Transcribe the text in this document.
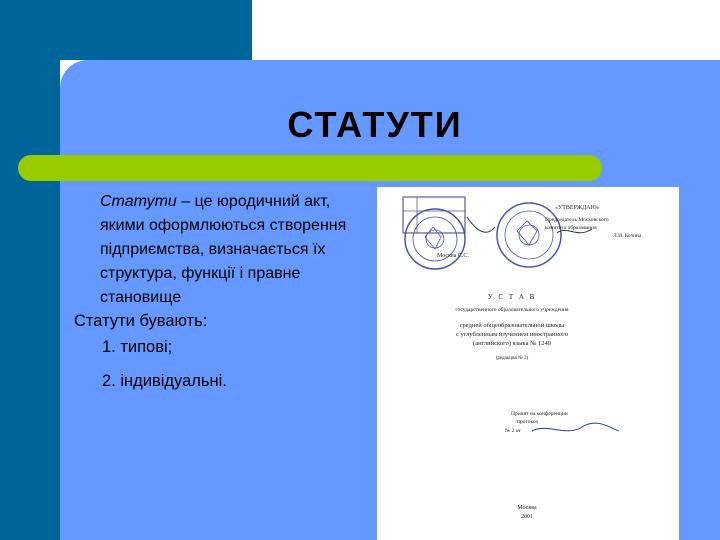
СТАТУТИ
Статути – це юродичний акт, якими оформлюються створення підприємства, визначається їх структура, функції і правне становище
Статути бувають:
1. типові;
2. індивідуальні.
Москва С.С.
«УТВЕРЖДАЮ»
Председатель Московского
комитета образования
Л.И. Кезина
У С Т А В
государственного образовательного учреждения
средней общеобразовательной школы
с углубленным изучением иностранного
(английского) языка № 1240
(редакция № 2)
Принят на конференции
протокол
№ 2 от
Москва
2001
